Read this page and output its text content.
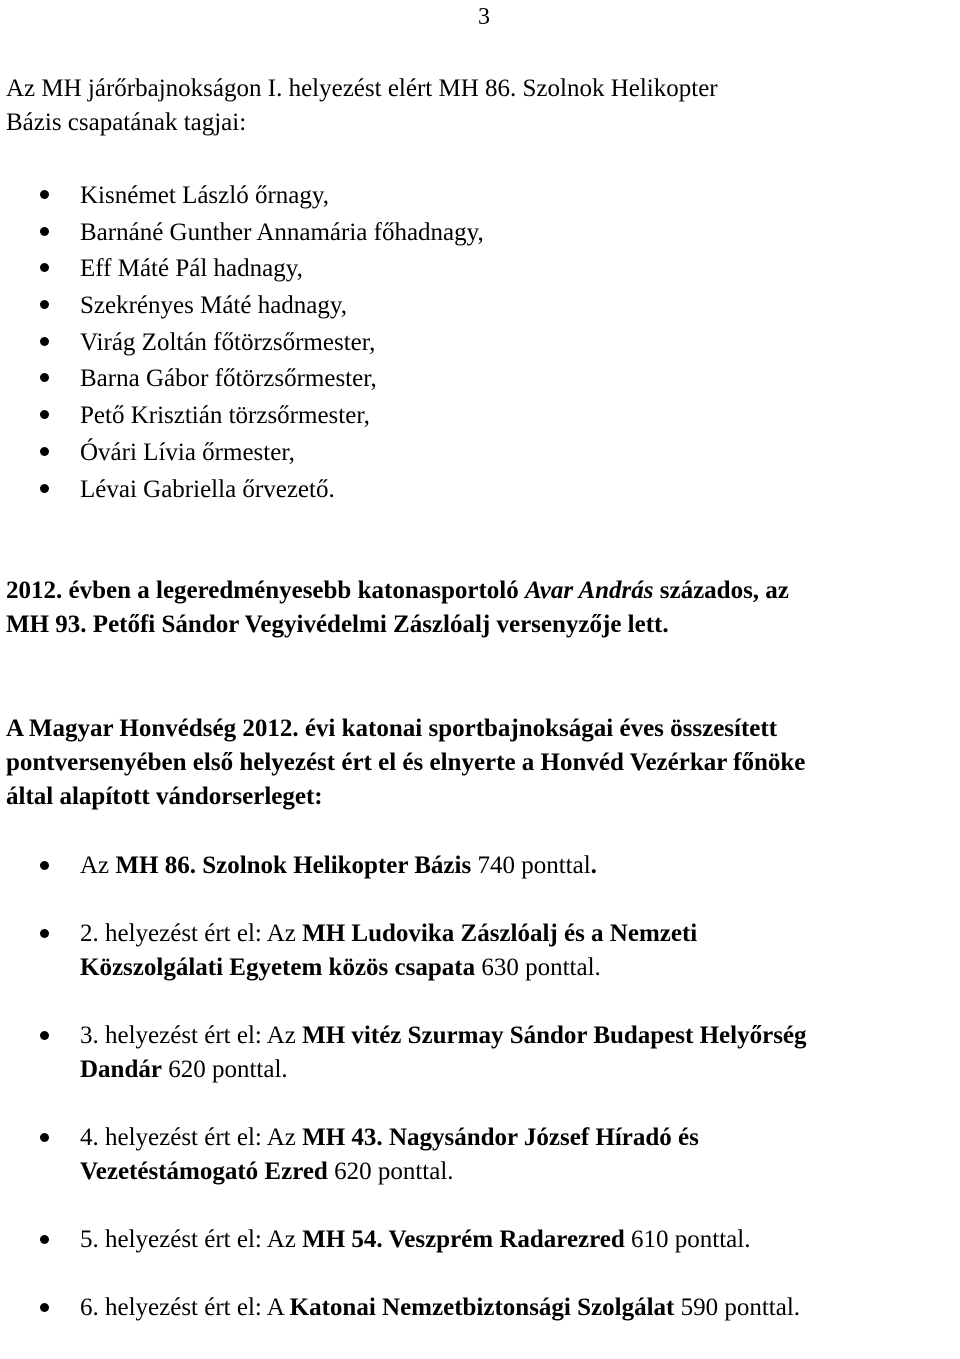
3

Az MH járőrbajnokságon I. helyezést elért MH 86. Szolnok Helikopter
Bázis csapatának tagjai:

Kisnémet László őrnagy,
Barnáné Gunther Annamária főhadnagy,
Eff Máté Pál hadnagy,
Szekrényes Máté hadnagy,
Virág Zoltán főtörzsőrmester,
Barna Gábor főtörzsőrmester,
Pető Krisztián törzsőrmester,
Óvári Lívia őrmester,
Lévai Gabriella őrvezető.

2012. évben a legeredményesebb katonasportoló Avar András százados, az
MH 93. Petőfi Sándor Vegyivédelmi Zászlóalj versenyzője lett.

A Magyar Honvédség 2012. évi katonai sportbajnokságai éves összesített
pontversenyében első helyezést ért el és elnyerte a Honvéd Vezérkar főnöke
által alapított vándorserleget:

Az MH 86. Szolnok Helikopter Bázis 740 ponttal.
2. helyezést ért el: Az MH Ludovika Zászlóalj és a Nemzeti
Közszolgálati Egyetem közös csapata 630 ponttal.
3. helyezést ért el: Az MH vitéz Szurmay Sándor Budapest Helyőrség
Dandár 620 ponttal.
4. helyezést ért el: Az MH 43. Nagysándor József Híradó és
Vezetéstámogató Ezred 620 ponttal.
5. helyezést ért el: Az MH 54. Veszprém Radarezred 610 ponttal.
6. helyezést ért el: A Katonai Nemzetbiztonsági Szolgálat 590 ponttal.
